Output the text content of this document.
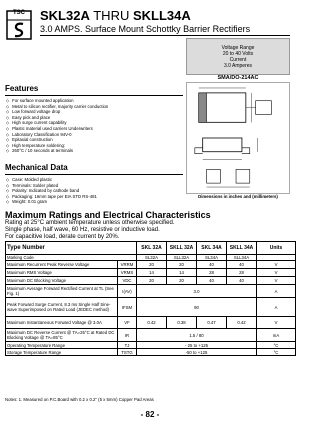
TSC	SKL32A THRU SKLL34A
3.0 AMPS. Surface Mount Schottky Barrier Rectifiers
Voltage Range
20 to 40 Volts
Current
3.0 Amperes
SMA/DO-214AC
Features
◇ For surface mounted application
◇ Metal to silicon rectifier, majority carrier conduction
◇ Low forward voltage drop
◇ Easy pick and place
◇ High surge current capability
◇ Plastic material used carriers Underwriters
◇ Laboratory Classification 94V-0
◇ Epitaxial construction
◇ High temperature soldering:
◇ 260°C / 10 seconds at terminals
Mechanical Data
◇ Case: Molded plastic
◇ Terminals: Solder plated
◇ Polarity: Indicated by cathode band
◇ Packaging: 16mm tape per EIA STD RS-481
◇ Weight: 0.01 gram
Dimensions in inches and (millimeters)
Maximum Ratings and Electrical Characteristics
Rating at 25°C ambient temperature unless otherwise specified.
Single phase, half wave, 60 Hz, resistive or inductive load.
For capacitive load, derate current by 20%.
Type Number		SKL 32A	SKLL 32A	SKL 34A	SKLL 34A	Units
Marking Code		SL32A	SLL32A	SL34A	SLL34A	
Maximum Recurrent Peak Reverse Voltage	VRRM	20	20	40	40	V
Maximum RMS Voltage	VRMS	14	14	28	28	V
Maximum DC Blocking Voltage	VDC	20	20	40	40	V
Maximum Average Forward Rectified Current at TL (See Fig. 1)	I(AV)	3.0				A
Peak Forward Surge Current, 8.3 ms Single Half Sine-wave Superimposed on Rated Load (JEDEC method)	IFSM	90				A
Maximum Instantaneous Forward Voltage @ 3.0A	VF	0.42	0.38	0.47	0.42	V
Maximum DC Reverse Current @ TA=25°C at Rated DC Blocking Voltage @ TA=85°C	IR	1.5 / 80				mA
Operating Temperature Range	TJ	- 25 to +125				°C
Storage Temperature Range	TSTG	-50 to +125				°C
Notes: 1. Measured on P.C.Board with 0.2 x 0.2" (5 x 5mm) Copper Pad Areas
- 82 -
